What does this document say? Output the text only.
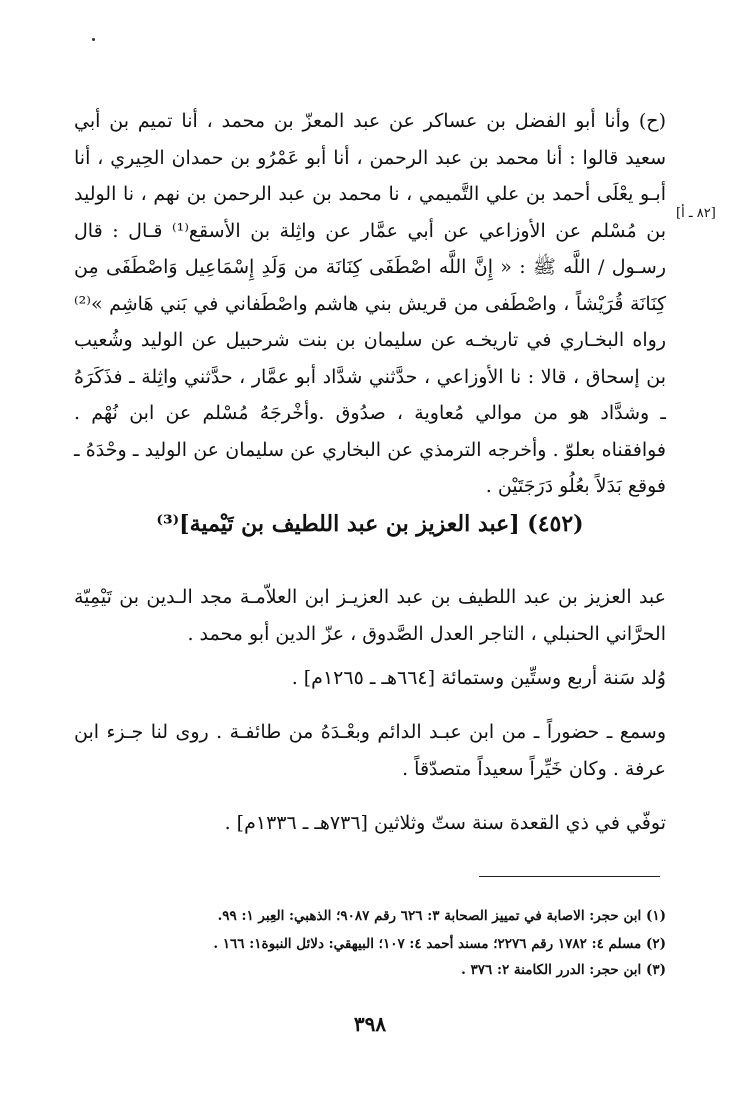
(ح) وأنا أبو الفضل بن عساكر عن عبد المعزّ بن محمد ، أنا تميم بن أبي سعيد قالوا : أنا محمد بن عبد الرحمن ، أنا أبو عَمْرُو بن حمدان الحِيري ، أنا أبـو يعْلَى أحمد بن علي التَّميمي ، نا محمد بن عبد الرحمن بن نهم ، نا الوليد بن مُسْلم عن الأوزاعي عن أبي عمَّار عن واثِلة بن الأسقع⁽¹⁾ قـال : قال رسـول / اللَّه ﷺ : « إِنَّ اللَّه اصْطَفَى كِنَانَة من وَلَدِ إِسْمَاعِيل وَاصْطَفَى مِن كِنَانَة قُرَيْشاً ، واصْطَفى من قريش بني هاشم واصْطَفاني في بَني هَاشِم »⁽²⁾ رواه البخـاري في تاريخـه عن سليمان بن بنت شرحبيل عن الوليد وشُعيب بن إسحاق ، قالا : نا الأوزاعي ، حدَّثني شدَّاد أبو عمَّار ، حدَّثني واثِلة ـ فذَكَرَهُ ـ وشدَّاد هو من موالي مُعاوية ، صدُوق .وأخْرجَهُ مُسْلم عن ابن نُهْم . فوافقناه بعلوّ . وأخرجه الترمذي عن البخاري عن سليمان عن الوليد ـ وحْدَهُ ـ فوقع بَدَلاً بعُلُو دَرَجَتَيْن .

[٨٢ ـ أ]
(٤٥٢) [عبد العزيز بن عبد اللطيف بن تَيْمية]⁽³⁾

عبد العزيز بن عبد اللطيف بن عبد العزيـز ابن العلاّمـة مجد الـدين بن تَيْمِيّة الحرَّاني الحنبلي ، التاجر العدل الصَّدوق ، عزّ الدين أبو محمد .

وُلد سَنة أربع وستِّين وستمائة [٦٦٤هـ ـ ١٢٦٥م] .

وسمع ـ حضوراً ـ من ابن عبـد الدائم وبعْـدَهُ من طائفـة . روى لنا جـزء ابن عرفة . وكان خَيِّراً سعيداً متصدّقاً .

توفّي في ذي القعدة سنة ستّ وثلاثين [٧٣٦هـ ـ ١٣٣٦م] .

(١) ابن حجر: الاصابة في تمييز الصحابة ٣: ٦٢٦ رقم ٩٠٨٧؛ الذهبي: العِبر ١: ٩٩.
(٢) مسلم ٤: ١٧٨٢ رقم ٢٢٧٦؛ مسند أحمد ٤: ١٠٧؛ البيهقي: دلائل النبوة١: ١٦٦ .
(٣) ابن حجر: الدرر الكامنة ٢: ٣٧٦ .
٣٩٨
